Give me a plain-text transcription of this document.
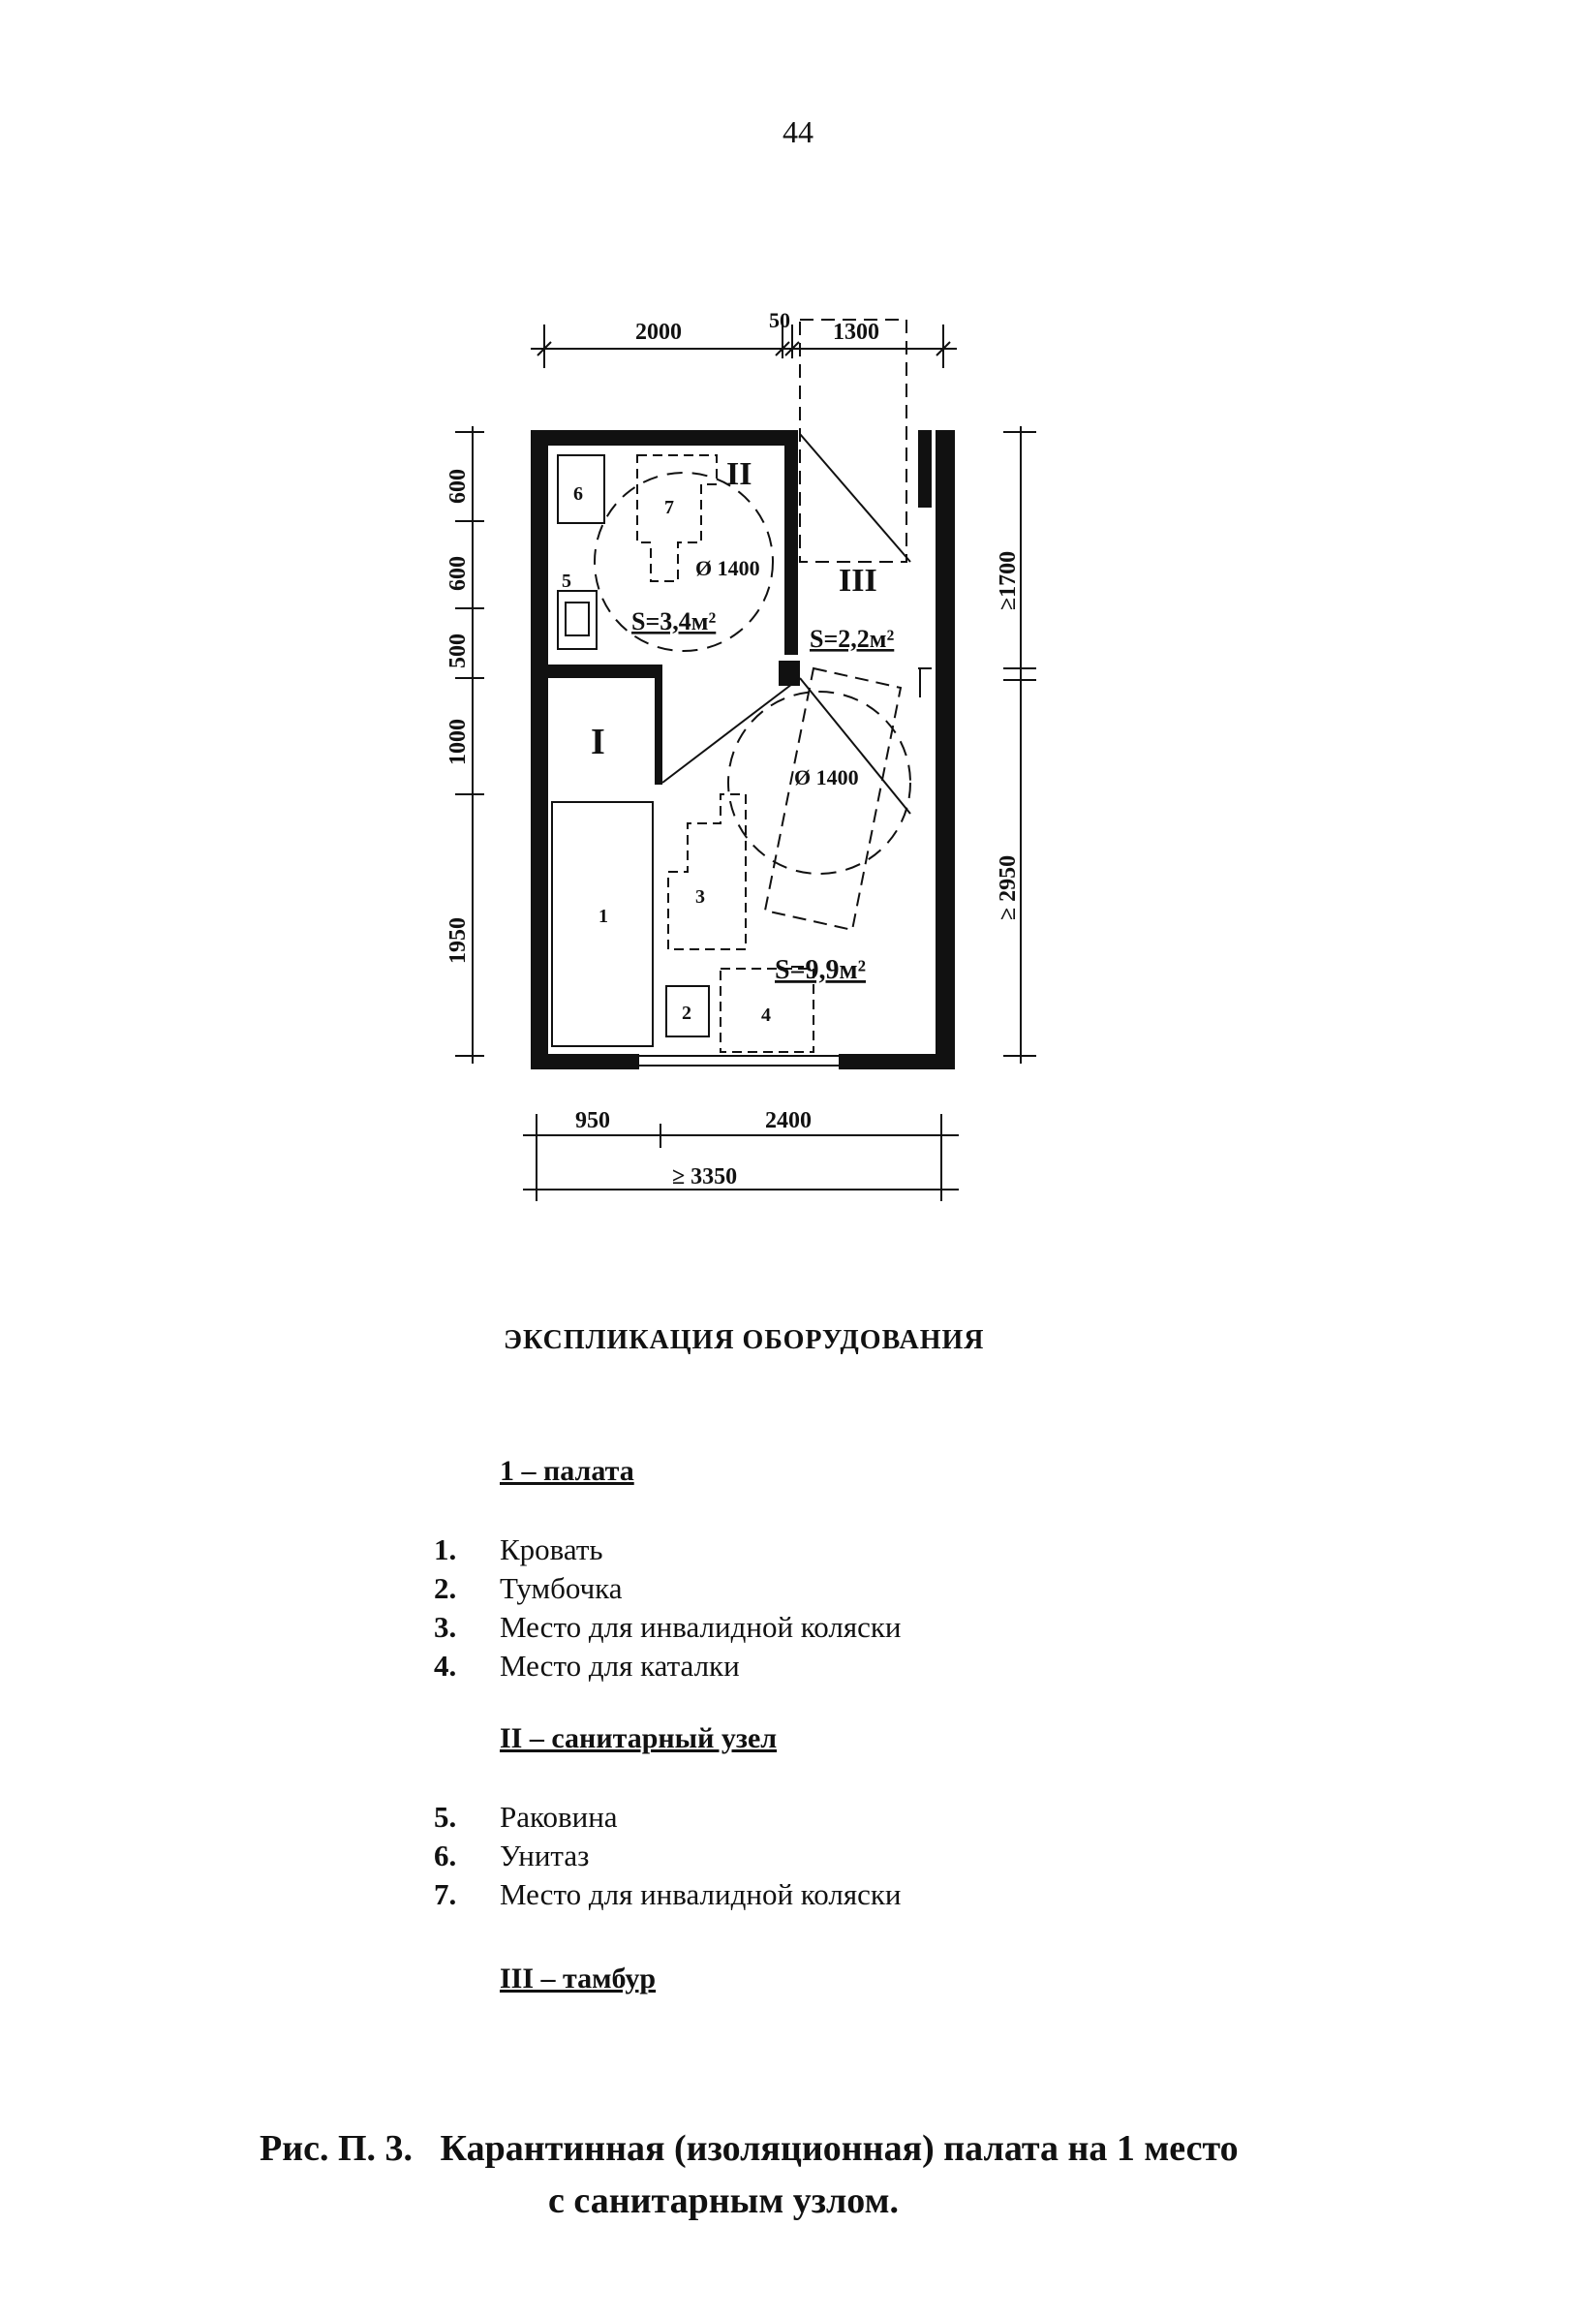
44
2000	50 1300
600
600
500
1000
1950
≥1700
≥ 2950
950	2400
≥ 3350
II
III
I
S=3,4м²
S=2,2м²
S=9,9м²
Ø 1400
Ø 1400
6
7
5
1
2
3
4
ЭКСПЛИКАЦИЯ ОБОРУДОВАНИЯ
1 – палата
1. Кровать
2. Тумбочка
3. Место для инвалидной коляски
4. Место для каталки
II – санитарный узел
5. Раковина
6. Унитаз
7. Место для инвалидной коляски
III – тамбур
Рис. П. 3.   Карантинная (изоляционная) палата на 1 место
с санитарным узлом.
